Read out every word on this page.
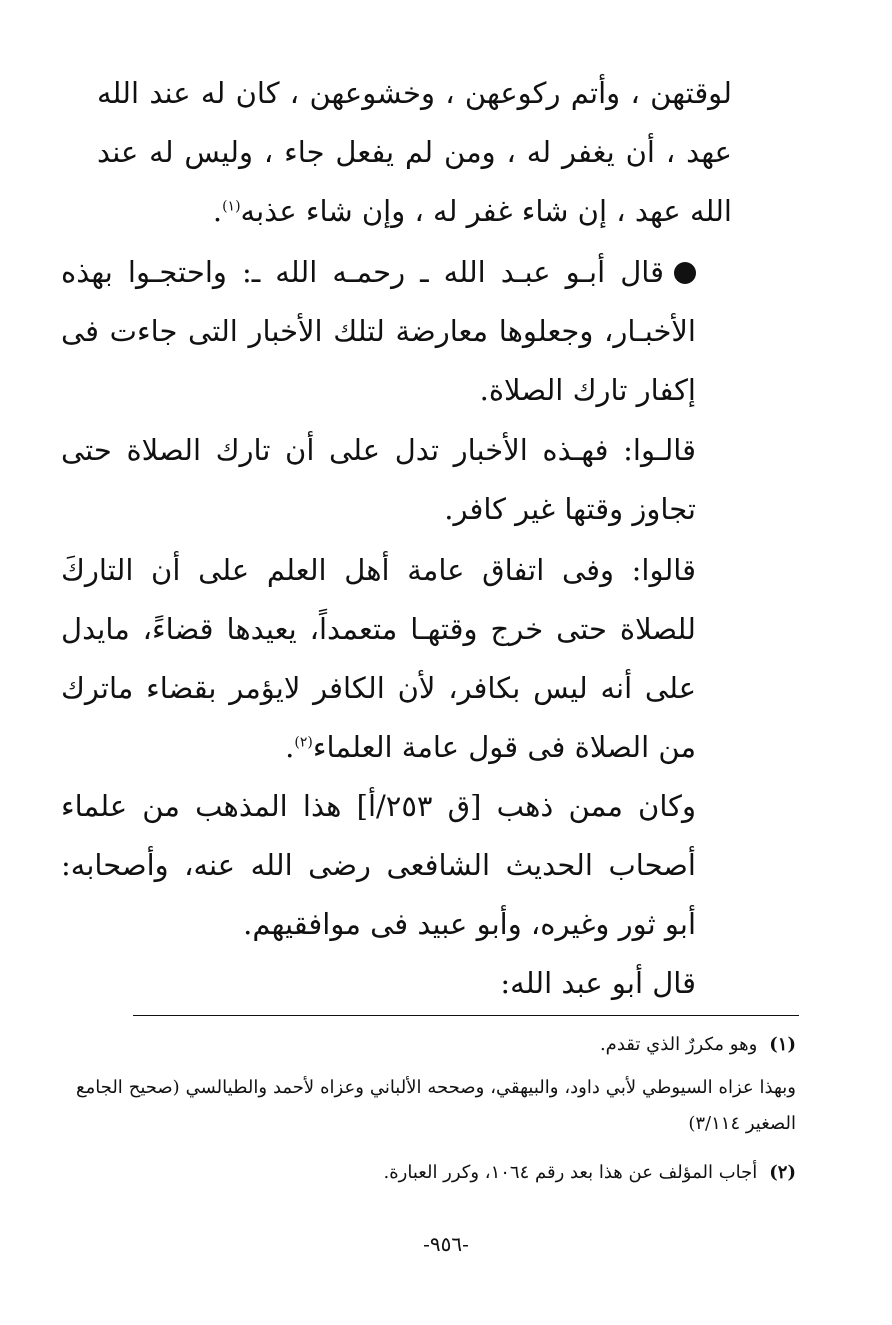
لوقتهن ، وأتم ركوعهن ، وخشوعهن ، كان له عند الله عهد ، أن يغفر له ، ومن لم يفعل جاء ، وليس له عند الله عهد ، إن شاء غفر له ، وإن شاء عذبه$^{(١)}$.

قال أبـو عبـد الله ـ رحمـه الله ـ: واحتجـوا بهذه الأخبـار، وجعلوها معارضة لتلك الأخبار التى جاءت فى إكفار تارك الصلاة.

قالـوا: فهـذه الأخبار تدل على أن تارك الصلاة حتى تجاوز وقتها غير كافر.

قالوا: وفى اتفاق عامة أهل العلم على أن التاركَ للصلاة حتى خرج وقتهـا متعمداً، يعيدها قضاءً، مايدل على أنه ليس بكافر، لأن الكافر لايؤمر بقضاء ماترك من الصلاة فى قول عامة العلماء$^{(٢)}$.

وكان ممن ذهب [ق ٢٥٣/أ] هذا المذهب من علماء أصحاب الحديث الشافعى رضى الله عنه، وأصحابه: أبو ثور وغيره، وأبو عبيد فى موافقيهم.

قال أبو عبد الله:

(١)وهو مكررٌ الذي تقدم.

وبهذا عزاه السيوطي لأبي داود، والبيهقي، وصححه الألباني وعزاه لأحمد والطيالسي (صحيح الجامع الصغير ٣/١١٤)

(٢)أجاب المؤلف عن هذا بعد رقم ١٠٦٤، وكرر العبارة.

-٩٥٦-
